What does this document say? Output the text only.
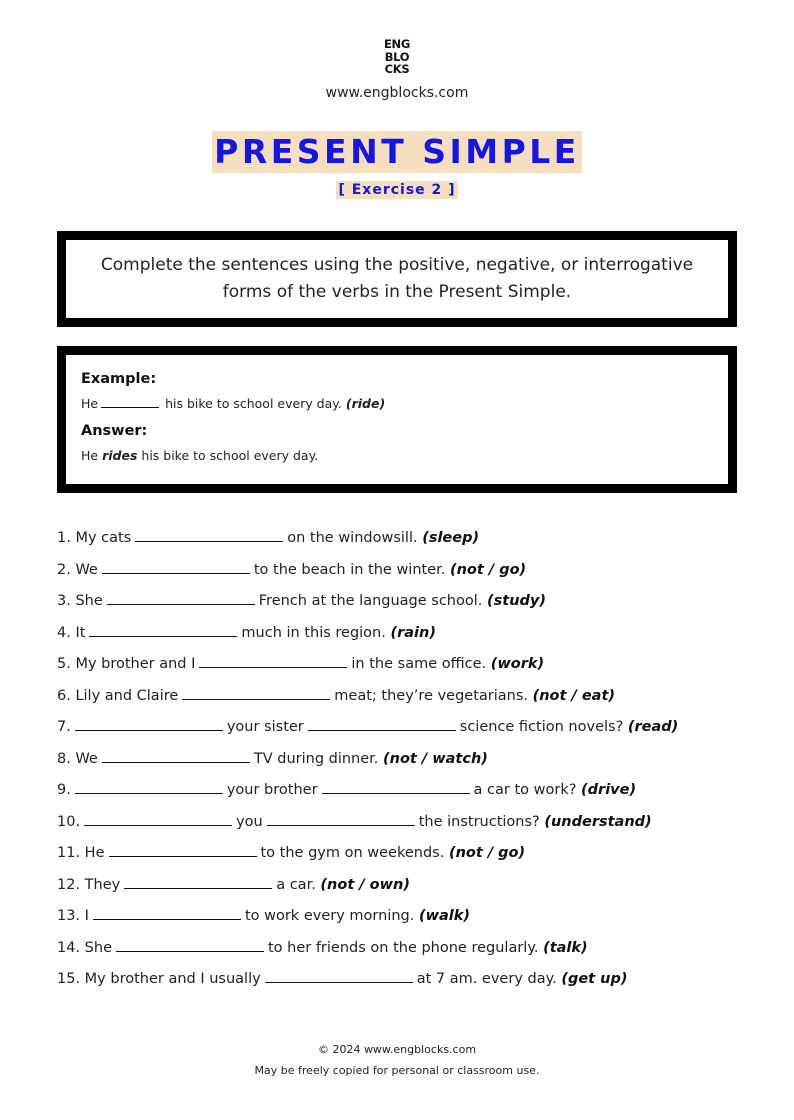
ENG
BLO
CKS
www.engblocks.com
PRESENT SIMPLE
[ Exercise 2 ]
Complete the sentences using the positive, negative, or interrogative forms of the verbs in the Present Simple.
Example:
He	his bike to school every day. (ride)
Answer:
He rides his bike to school every day.
1. My cats	on the windowsill. (sleep)
2. We	to the beach in the winter. (not / go)
3. She	French at the language school. (study)
4. It	much in this region. (rain)
5. My brother and I	in the same office. (work)
6. Lily and Claire	meat; they’re vegetarians. (not / eat)
7.	your sister	science fiction novels? (read)
8. We	TV during dinner. (not / watch)
9.	your brother	a car to work? (drive)
10.	you	the instructions? (understand)
11. He	to the gym on weekends. (not / go)
12. They	a car. (not / own)
13. I	to work every morning. (walk)
14. She	to her friends on the phone regularly. (talk)
15. My brother and I usually	at 7 am. every day. (get up)
© 2024 www.engblocks.com
May be freely copied for personal or classroom use.
